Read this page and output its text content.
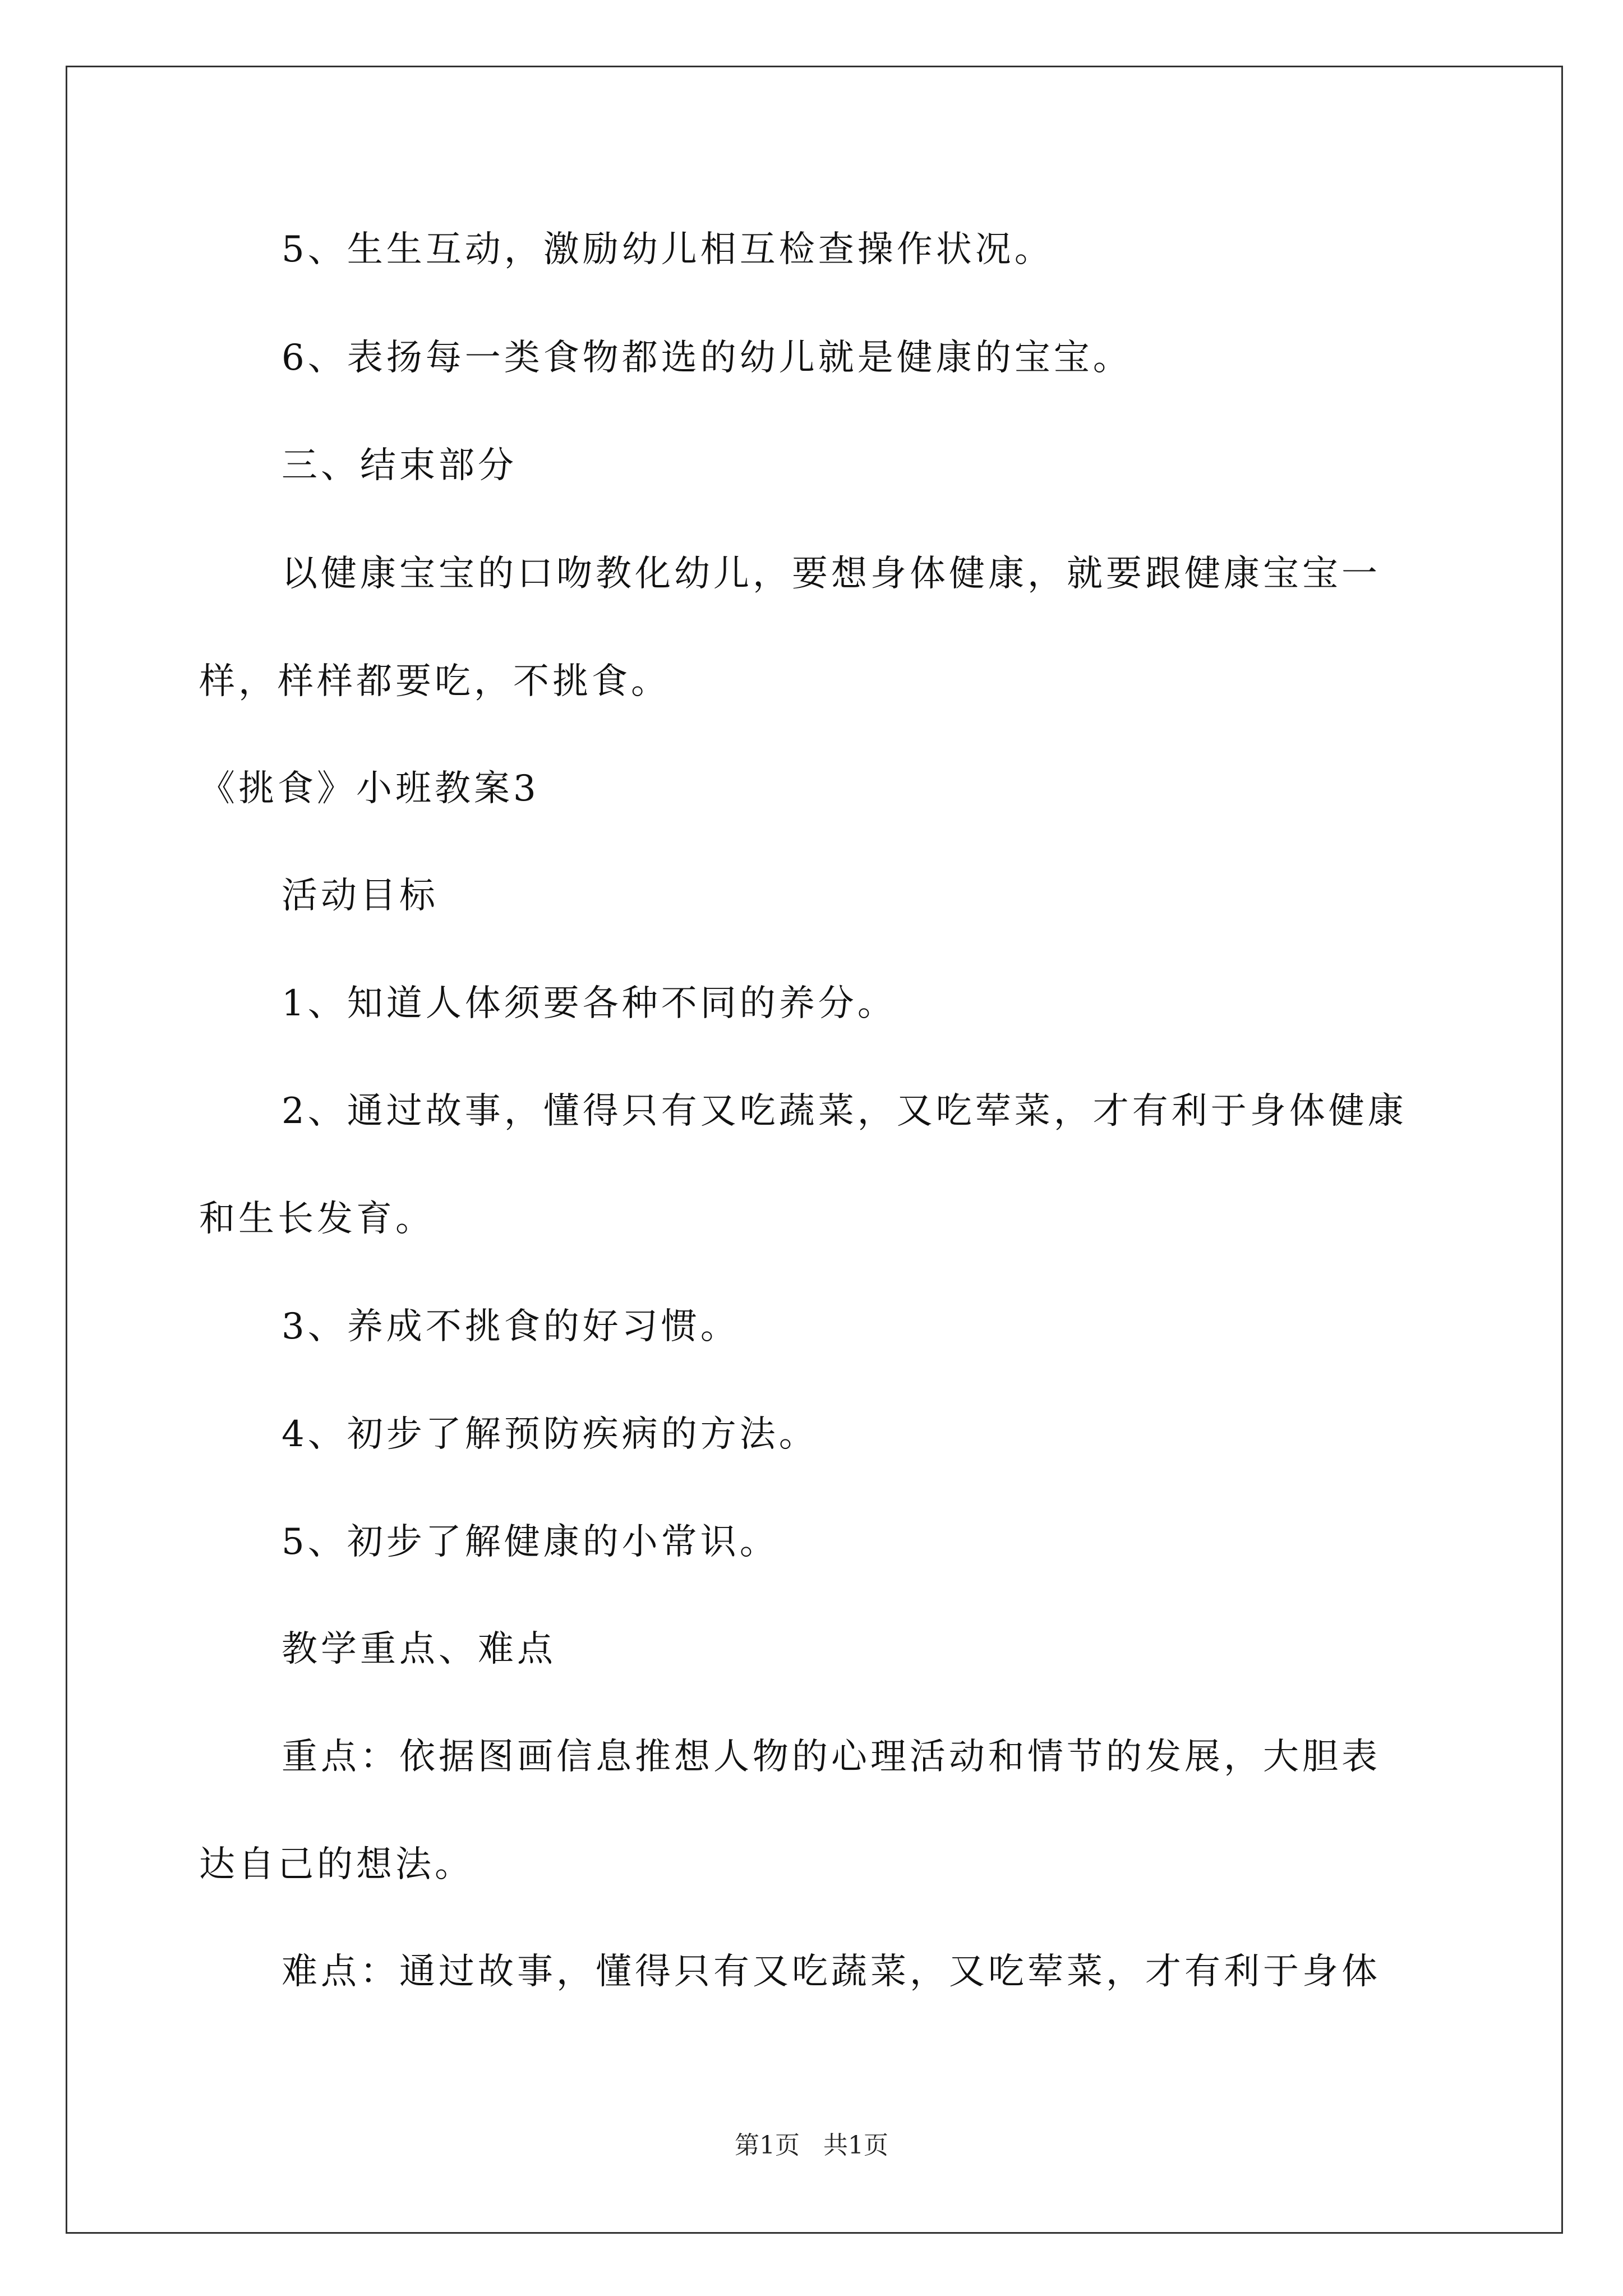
5、生生互动，激励幼儿相互检查操作状况。
6、表扬每一类食物都选的幼儿就是健康的宝宝。
三、结束部分
以健康宝宝的口吻教化幼儿，要想身体健康，就要跟健康宝宝一
样，样样都要吃，不挑食。
《挑食》小班教案3
活动目标
1、知道人体须要各种不同的养分。
2、通过故事，懂得只有又吃蔬菜，又吃荤菜，才有利于身体健康
和生长发育。
3、养成不挑食的好习惯。
4、初步了解预防疾病的方法。
5、初步了解健康的小常识。
教学重点、难点
重点：依据图画信息推想人物的心理活动和情节的发展，大胆表
达自己的想法。
难点：通过故事，懂得只有又吃蔬菜，又吃荤菜，才有利于身体
第1页 共1页
